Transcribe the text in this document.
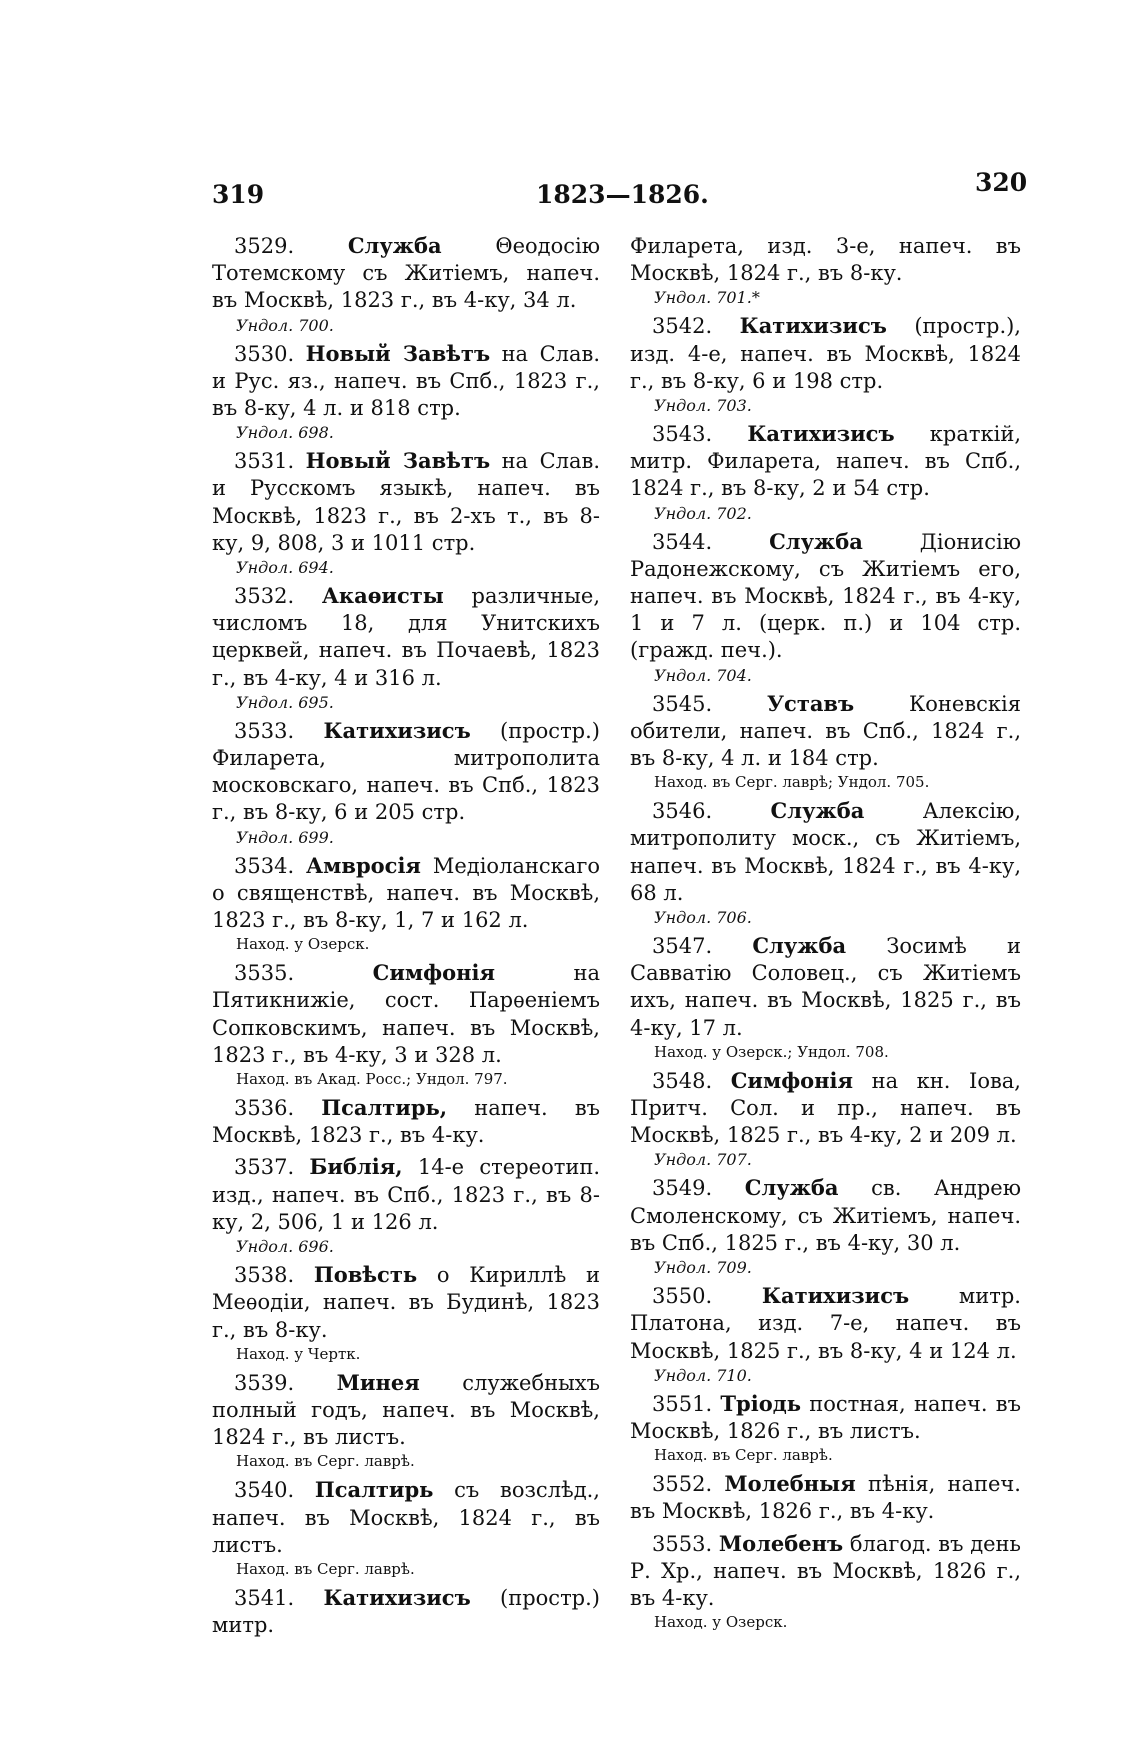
319	1823—1826.	320

3529.	Служба	Θеодосію Тотемскому съ Житіемъ, напеч. въ Москвѣ, 1823 г., въ 4-ку, 34 л.

Ундол. 700.

3530. Новый Завѣтъ на Слав. и Рус. яз., напеч. въ Спб., 1823 г., въ 8-ку, 4 л. и 818 стр.

Ундол. 698.

3531. Новый Завѣтъ на Слав. и Русскомъ языкѣ, напеч. въ Москвѣ, 1823 г., въ 2-хъ т., въ 8-ку, 9, 808, 3 и 1011 стр.

Ундол. 694.

3532. Акаѳисты различные, числомъ 18, для Унитскихъ церквей, напеч. въ Почаевѣ, 1823 г., въ 4-ку, 4 и 316 л.

Ундол. 695.

3533. Катихизисъ (простр.) Филарета, митрополита московскаго, напеч. въ Спб., 1823 г., въ 8-ку, 6 и 205 стр.

Ундол. 699.

3534. Амвросія Медіоланскаго о священствѣ, напеч. въ Москвѣ, 1823 г., въ 8-ку, 1, 7 и 162 л.

Наход. у Озерск.

3535.	Симфонія	на Пятикнижіе, сост. Парѳеніемъ Сопковскимъ, напеч. въ Москвѣ, 1823 г., въ 4-ку, 3 и 328 л.

Наход. въ Акад. Росс.; Ундол. 797.

3536. Псалтирь, напеч. въ Москвѣ, 1823 г., въ 4-ку.

3537. Библія, 14-е стереотип. изд., напеч. въ Спб., 1823 г., въ 8-ку, 2, 506, 1 и 126 л.

Ундол. 696.

3538. Повѣсть о Кириллѣ и Меѳодіи, напеч. въ Будинѣ, 1823 г., въ 8-ку.

Наход. у Чертк.

3539. Минея служебныхъ полный годъ, напеч. въ Москвѣ, 1824 г., въ листъ.

Наход. въ Серг. лаврѣ.

3540. Псалтирь съ возслѣд., напеч. въ Москвѣ, 1824 г., въ листъ.

Наход. въ Серг. лаврѣ.

3541. Катихизисъ (простр.) митр.

Филарета, изд. 3-е, напеч. въ Москвѣ, 1824 г., въ 8-ку.

Ундол. 701.*

3542. Катихизисъ (простр.), изд. 4-е, напеч. въ Москвѣ, 1824 г., въ 8-ку, 6 и 198 стр.

Ундол. 703.

3543. Катихизисъ краткій, митр. Филарета, напеч. въ Спб., 1824 г., въ 8-ку, 2 и 54 стр.

Ундол. 702.

3544.	Служба	Діонисію Радонежскому, съ Житіемъ его, напеч. въ Москвѣ, 1824 г., въ 4-ку, 1 и 7 л. (церк. п.) и 104 стр. (гражд. печ.).

Ундол. 704.

3545.	Уставъ	Коневскія обители, напеч. въ Спб., 1824 г., въ 8-ку, 4 л. и 184 стр.

Наход. въ Серг. лаврѣ; Ундол. 705.

3546.	Служба	Алексію, митрополиту моск., съ Житіемъ, напеч. въ Москвѣ, 1824 г., въ 4-ку, 68 л.

Ундол. 706.

3547. Служба Зосимѣ и Савватію Соловец., съ Житіемъ ихъ, напеч. въ Москвѣ, 1825 г., въ 4-ку, 17 л.

Наход. у Озерск.; Ундол. 708.

3548. Симфонія на кн. Іова, Притч. Сол. и пр., напеч. въ Москвѣ, 1825 г., въ 4-ку, 2 и 209 л.

Ундол. 707.

3549. Служба св. Андрею Смоленскому, съ Житіемъ, напеч. въ Спб., 1825 г., въ 4-ку, 30 л.

Ундол. 709.

3550. Катихизисъ митр. Платона, изд. 7-е, напеч. въ Москвѣ, 1825 г., въ 8-ку, 4 и 124 л.

Ундол. 710.

3551. Тріодь постная, напеч. въ Москвѣ, 1826 г., въ листъ.

Наход. въ Серг. лаврѣ.

3552. Молебныя пѣнія, напеч. въ Москвѣ, 1826 г., въ 4-ку.

3553. Молебенъ благод. въ день Р. Хр., напеч. въ Москвѣ, 1826 г., въ 4-ку.

Наход. у Озерск.
